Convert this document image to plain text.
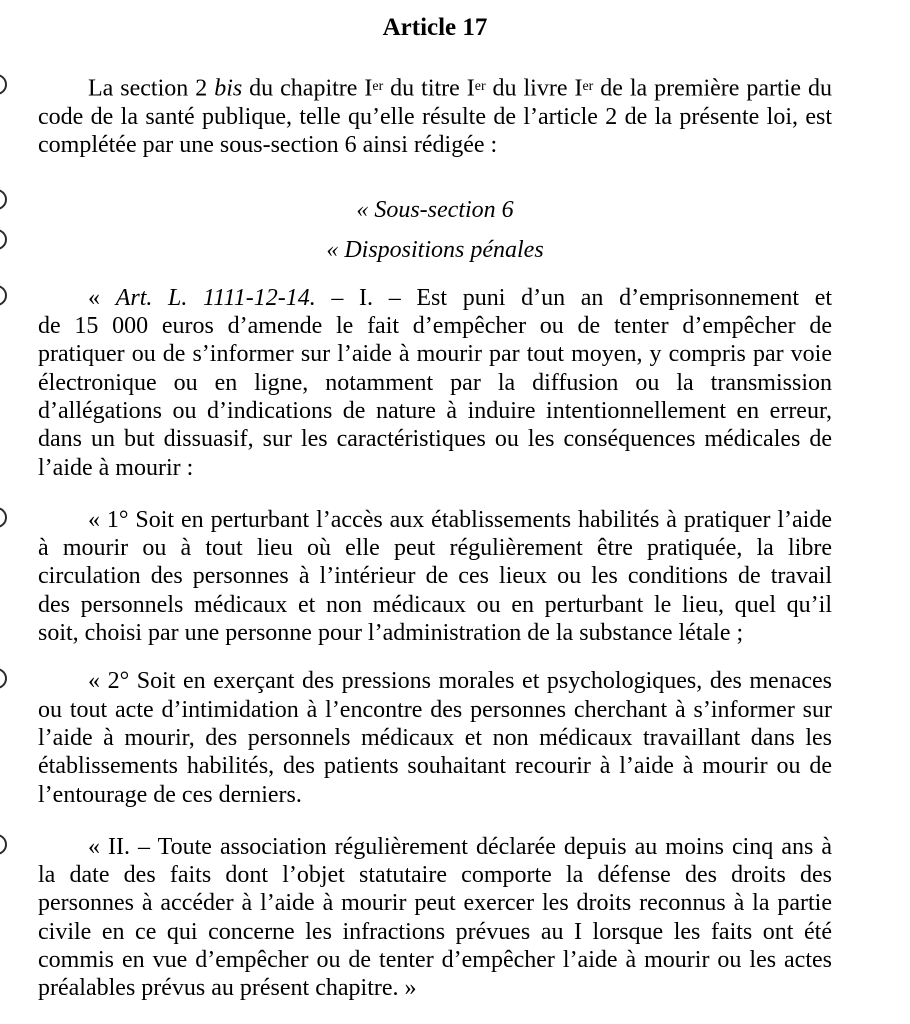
Article 17
La section 2 bis du chapitre Ier du titre Ier du livre Ier de la première partie du
code de la santé publique, telle qu’elle résulte de l’article 2 de la présente loi, est
complétée par une sous-section 6 ainsi rédigée :
« Sous-section 6
« Dispositions pénales
« Art. L. 1111-12-14. – I. – Est puni d’un an d’emprisonnement et
de 15 000 euros d’amende le fait d’empêcher ou de tenter d’empêcher de
pratiquer ou de s’informer sur l’aide à mourir par tout moyen, y compris par voie
électronique ou en ligne, notamment par la diffusion ou la transmission
d’allégations ou d’indications de nature à induire intentionnellement en erreur,
dans un but dissuasif, sur les caractéristiques ou les conséquences médicales de
l’aide à mourir :
« 1° Soit en perturbant l’accès aux établissements habilités à pratiquer l’aide
à mourir ou à tout lieu où elle peut régulièrement être pratiquée, la libre
circulation des personnes à l’intérieur de ces lieux ou les conditions de travail
des personnels médicaux et non médicaux ou en perturbant le lieu, quel qu’il
soit, choisi par une personne pour l’administration de la substance létale ;
« 2° Soit en exerçant des pressions morales et psychologiques, des menaces
ou tout acte d’intimidation à l’encontre des personnes cherchant à s’informer sur
l’aide à mourir, des personnels médicaux et non médicaux travaillant dans les
établissements habilités, des patients souhaitant recourir à l’aide à mourir ou de
l’entourage de ces derniers.
« II. – Toute association régulièrement déclarée depuis au moins cinq ans à
la date des faits dont l’objet statutaire comporte la défense des droits des
personnes à accéder à l’aide à mourir peut exercer les droits reconnus à la partie
civile en ce qui concerne les infractions prévues au I lorsque les faits ont été
commis en vue d’empêcher ou de tenter d’empêcher l’aide à mourir ou les actes
préalables prévus au présent chapitre. »
